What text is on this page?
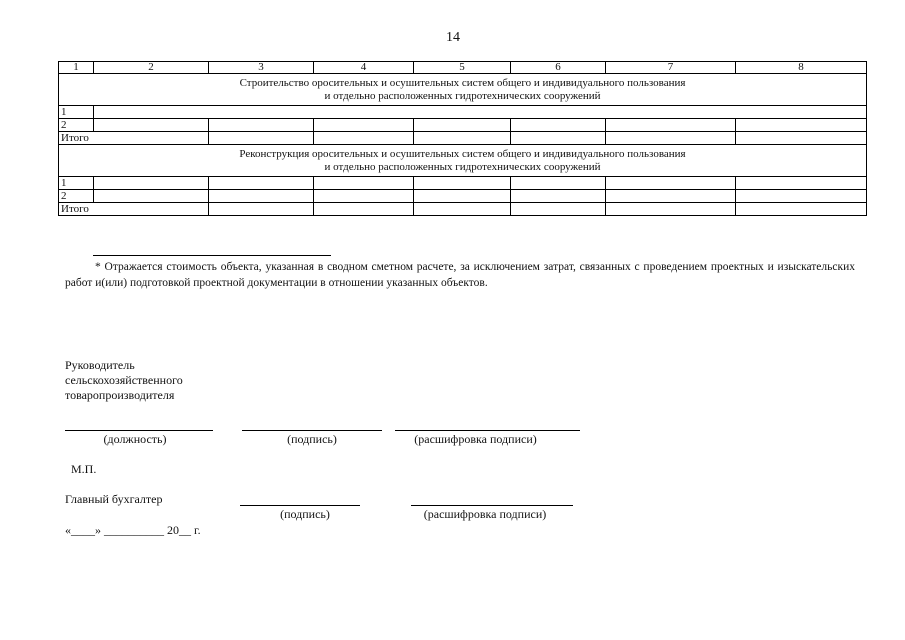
14
1	2	3	4	5	6	7	8

Строительство оросительных и осушительных систем общего и индивидуального пользования
и отдельно расположенных гидротехнических сооружений							

1							
2							
Итого							

Реконструкция оросительных и осушительных систем общего и индивидуального пользования
и отдельно расположенных гидротехнических сооружений							

1							
2							
Итого							
* Отражается стоимость объекта, указанная в сводном сметном расчете, за исключением затрат, связанных с проведением проектных и изыскательских работ и(или) подготовкой проектной документации в отношении указанных объектов.
Руководитель
сельскохозяйственного
товаропроизводителя
(должность)	(подпись)	(расшифровка подписи)
М.П.
Главный бухгалтер
(подпись)	(расшифровка подписи)
«____» __________ 20__ г.
